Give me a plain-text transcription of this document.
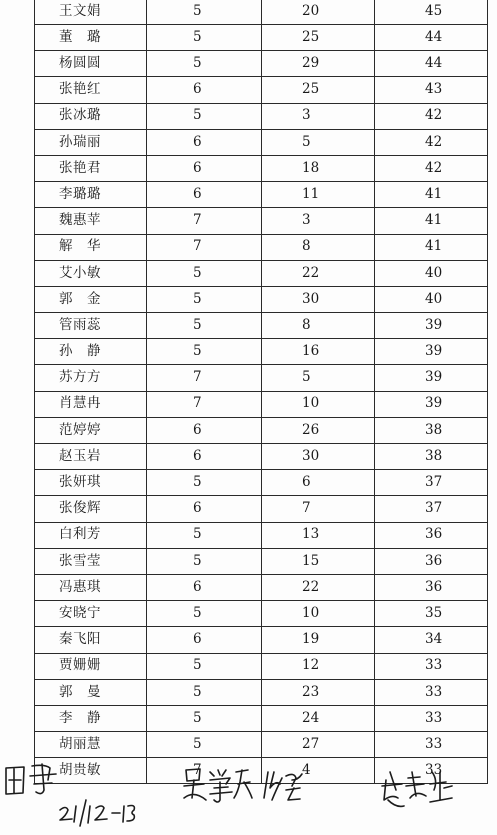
王文娟	5	20	45
董　璐	5	25	44
杨圆圆	5	29	44
张艳红	6	25	43
张冰璐	5	3	42
孙瑞丽	6	5	42
张艳君	6	18	42
李璐璐	6	11	41
魏惠苹	7	3	41
解　华	7	8	41
艾小敏	5	22	40
郭　金	5	30	40
管雨蕊	5	8	39
孙　静	5	16	39
苏方方	7	5	39
肖慧冉	7	10	39
范婷婷	6	26	38
赵玉岩	6	30	38
张妍琪	5	6	37
张俊辉	6	7	37
白利芳	5	13	36
张雪莹	5	15	36
冯惠琪	6	22	36
安晓宁	5	10	35
秦飞阳	6	19	34
贾姗姗	5	12	33
郭　曼	5	23	33
李　静	5	24	33
胡丽慧	5	27	33
胡贵敏	7	4	33
